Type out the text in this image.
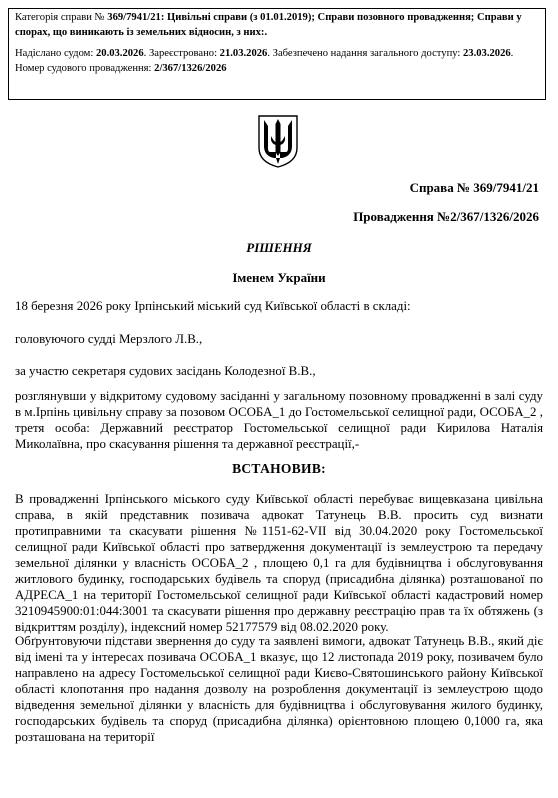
Категорія справи № 369/7941/21: Цивільні справи (з 01.01.2019); Справи позовного провадження; Справи у спорах, що виникають із земельних відносин, з них:.

Надіслано судом: 20.03.2026. Зареєстровано: 21.03.2026. Забезпечено надання загального доступу: 23.03.2026.

Номер судового провадження: 2/367/1326/2026

Справа № 369/7941/21
Провадження №2/367/1326/2026
РІШЕННЯ
Іменем України

18 березня 2026 року Ірпінський міський суд Київської області в складі:

головуючого судді Мерзлого Л.В.,

за участю секретаря судових засідань Колодезної В.В.,

розглянувши у відкритому судовому засіданні у загальному позовному провадженні в залі суду в м.Ірпінь цивільну справу за позовом ОСОБА_1 до Гостомельської селищної ради, ОСОБА_2 , третя особа: Державний реєстратор Гостомельської селищної ради Кирилова Наталія Миколаївна, про скасування рішення та державної реєстрації,-

ВСТАНОВИВ:

В провадженні Ірпінського міського суду Київської області перебуває вищевказана цивільна справа, в якій представник позивача адвокат Татунець В.В. просить суд визнати протиправними та скасувати рішення №1151-62-VII від 30.04.2020 року Гостомельської селищної ради Київської області про затвердження документації із землеустрою та передачу земельної ділянки у власність ОСОБА_2 , площею 0,1 га для будівництва і обслуговування житлового будинку, господарських будівель та споруд (присадибна ділянка) розташованої по АДРЕСА_1 на території Гостомельської селищної ради Київської області кадастровий номер 3210945900:01:044:3001 та скасувати рішення про державну реєстрацію прав та їх обтяжень (з відкриттям розділу), індексний номер 52177579 від 08.02.2020 року.

Обґрунтовуючи підстави звернення до суду та заявлені вимоги, адвокат Татунець В.В., який діє від імені та у інтересах позивача ОСОБА_1 вказує, що 12 листопада 2019 року, позивачем було направлено на адресу Гостомельської селищної ради Києво-Святошинського району Київської області клопотання про надання дозволу на розроблення документації із землеустрою щодо відведення земельної ділянки у власність для будівництва і обслуговування жилого будинку, господарських будівель та споруд (присадибна ділянка) орієнтовною площею 0,1000 га, яка розташована на території
